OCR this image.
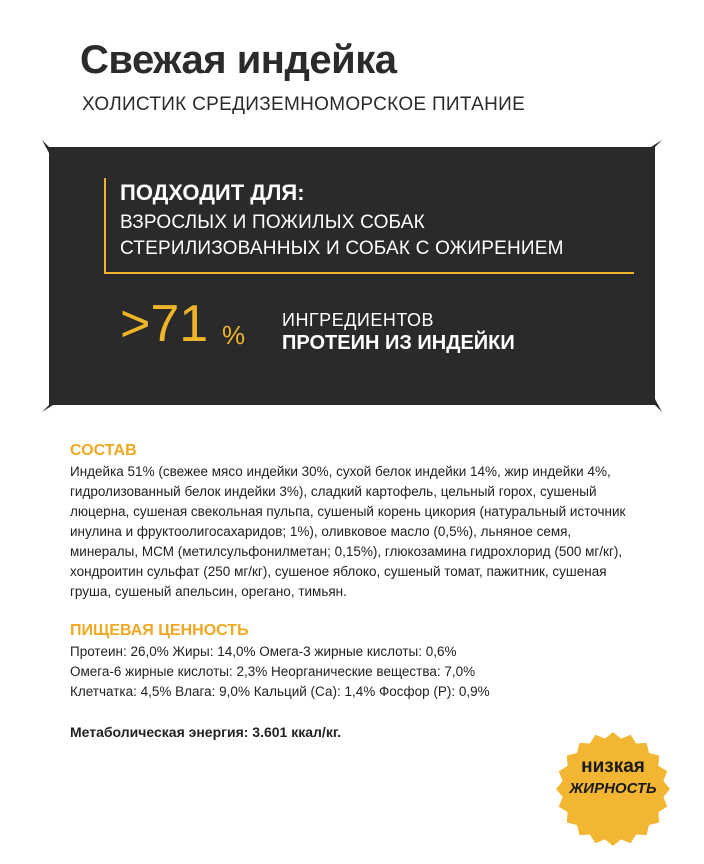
Свежая индейка
ХОЛИСТИК СРЕДИЗЕМНОМОРСКОЕ ПИТАНИЕ
ПОДХОДИТ ДЛЯ:
ВЗРОСЛЫХ И ПОЖИЛЫХ СОБАК
СТЕРИЛИЗОВАННЫХ И СОБАК С ОЖИРЕНИЕМ
>71 % ИНГРЕДИЕНТОВ
ПРОТЕИН ИЗ ИНДЕЙКИ
СОСТАВ
Индейка 51% (свежее мясо индейки 30%, сухой белок индейки 14%, жир индейки 4%,
гидролизованный белок индейки 3%), сладкий картофель, цельный горох, сушеный
люцерна, сушеная свекольная пульпа, сушеный корень цикория (натуральный источник
инулина и фруктоолигосахаридов; 1%), оливковое масло (0,5%), льняное семя,
минералы, МСМ (метилсульфонилметан; 0,15%), глюкозамина гидрохлорид (500 мг/кг),
хондроитин сульфат (250 мг/кг), сушеное яблоко, сушеный томат, пажитник, сушеная
груша, сушеный апельсин, орегано, тимьян.
ПИЩЕВАЯ ЦЕННОСТЬ
Протеин: 26,0% Жиры: 14,0% Омега-3 жирные кислоты: 0,6%
Омега-6 жирные кислоты: 2,3% Неорганические вещества: 7,0%
Клетчатка: 4,5% Влага: 9,0% Кальций (Са): 1,4% Фосфор (Р): 0,9%
Метаболическая энергия: 3.601 ккал/кг.
низкая
ЖИРНОСТЬ
